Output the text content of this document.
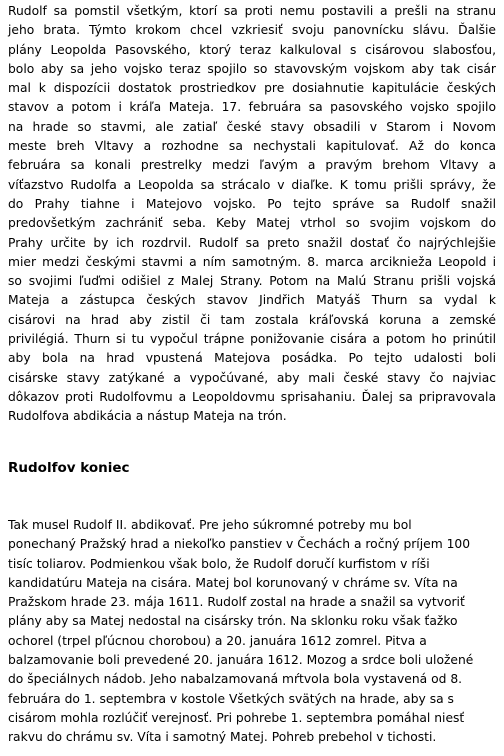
Rudolf sa pomstil všetkým, ktorí sa proti nemu postavili a prešli na stranu
jeho brata. Týmto krokom chcel vzkriesiť svoju panovnícku slávu. Ďalšie
plány Leopolda Pasovského, ktorý teraz kalkuloval s cisárovou slabosťou,
bolo aby sa jeho vojsko teraz spojilo so stavovským vojskom aby tak cisár
mal k dispozícii dostatok prostriedkov pre dosiahnutie kapitulácie českých
stavov a potom i kráľa Mateja. 17. februára sa pasovského vojsko spojilo
na hrade so stavmi, ale zatiaľ české stavy obsadili v Starom i Novom
meste breh Vltavy a rozhodne sa nechystali kapitulovať. Až do konca
februára sa konali prestrelky medzi ľavým a pravým brehom Vltavy a
víťazstvo Rudolfa a Leopolda sa strácalo v diaľke. K tomu prišli správy, že
do Prahy tiahne i Matejovo vojsko. Po tejto správe sa Rudolf snažil
predovšetkým zachrániť seba. Keby Matej vtrhol so svojim vojskom do
Prahy určite by ich rozdrvil. Rudolf sa preto snažil dostať čo najrýchlejšie
mier medzi českými stavmi a ním samotným. 8. marca arcikniežа Leopold i
so svojimi ľuďmi odišiel z Malej Strany. Potom na Malú Stranu prišli vojská
Mateja a zástupca českých stavov Jindřich Matyáš Thurn sa vydal k
cisárovi na hrad aby zistil či tam zostala kráľovská koruna a zemské
privilégiá. Thurn si tu vypočul trápne ponižovanie cisára a potom ho prinútil
aby bola na hrad vpustená Matejova posádka. Po tejto udalosti boli
cisárske stavy zatýkané a vypočúvané, aby mali české stavy čo najviac
dôkazov proti Rudolfovmu a Leopoldovmu sprisahaniu. Ďalej sa pripravovala
Rudolfova abdikácia a nástup Mateja na trón.
Rudolfov koniec
Tak musel Rudolf II. abdikovať. Pre jeho súkromné potreby mu bol
ponechaný Pražský hrad a niekoľko panstiev v Čechách a ročný príjem 100
tisíc toliarov. Podmienkou však bolo, že Rudolf doručí kurfistom v ríši
kandidatúru Mateja na cisára. Matej bol korunovaný v chráme sv. Víta na
Pražskom hrade 23. mája 1611. Rudolf zostal na hrade a snažil sa vytvoriť
plány aby sa Matej nedostal na cisársky trón. Na sklonku roku však ťažko
ochorel (trpel pľúcnou chorobou) a 20. januára 1612 zomrel. Pitva a
balzamovanie boli prevedené 20. januára 1612. Mozog a srdce boli uložené
do špeciálnych nádob. Jeho nabalzamovaná mŕtvola bola vystavená od 8.
februára do 1. septembra v kostole Všetkých svätých na hrade, aby sa s
cisárom mohla rozlúčiť verejnosť. Pri pohrebe 1. septembra pomáhal niesť
rakvu do chrámu sv. Víta i samotný Matej. Pohreb prebehol v tichosti.
